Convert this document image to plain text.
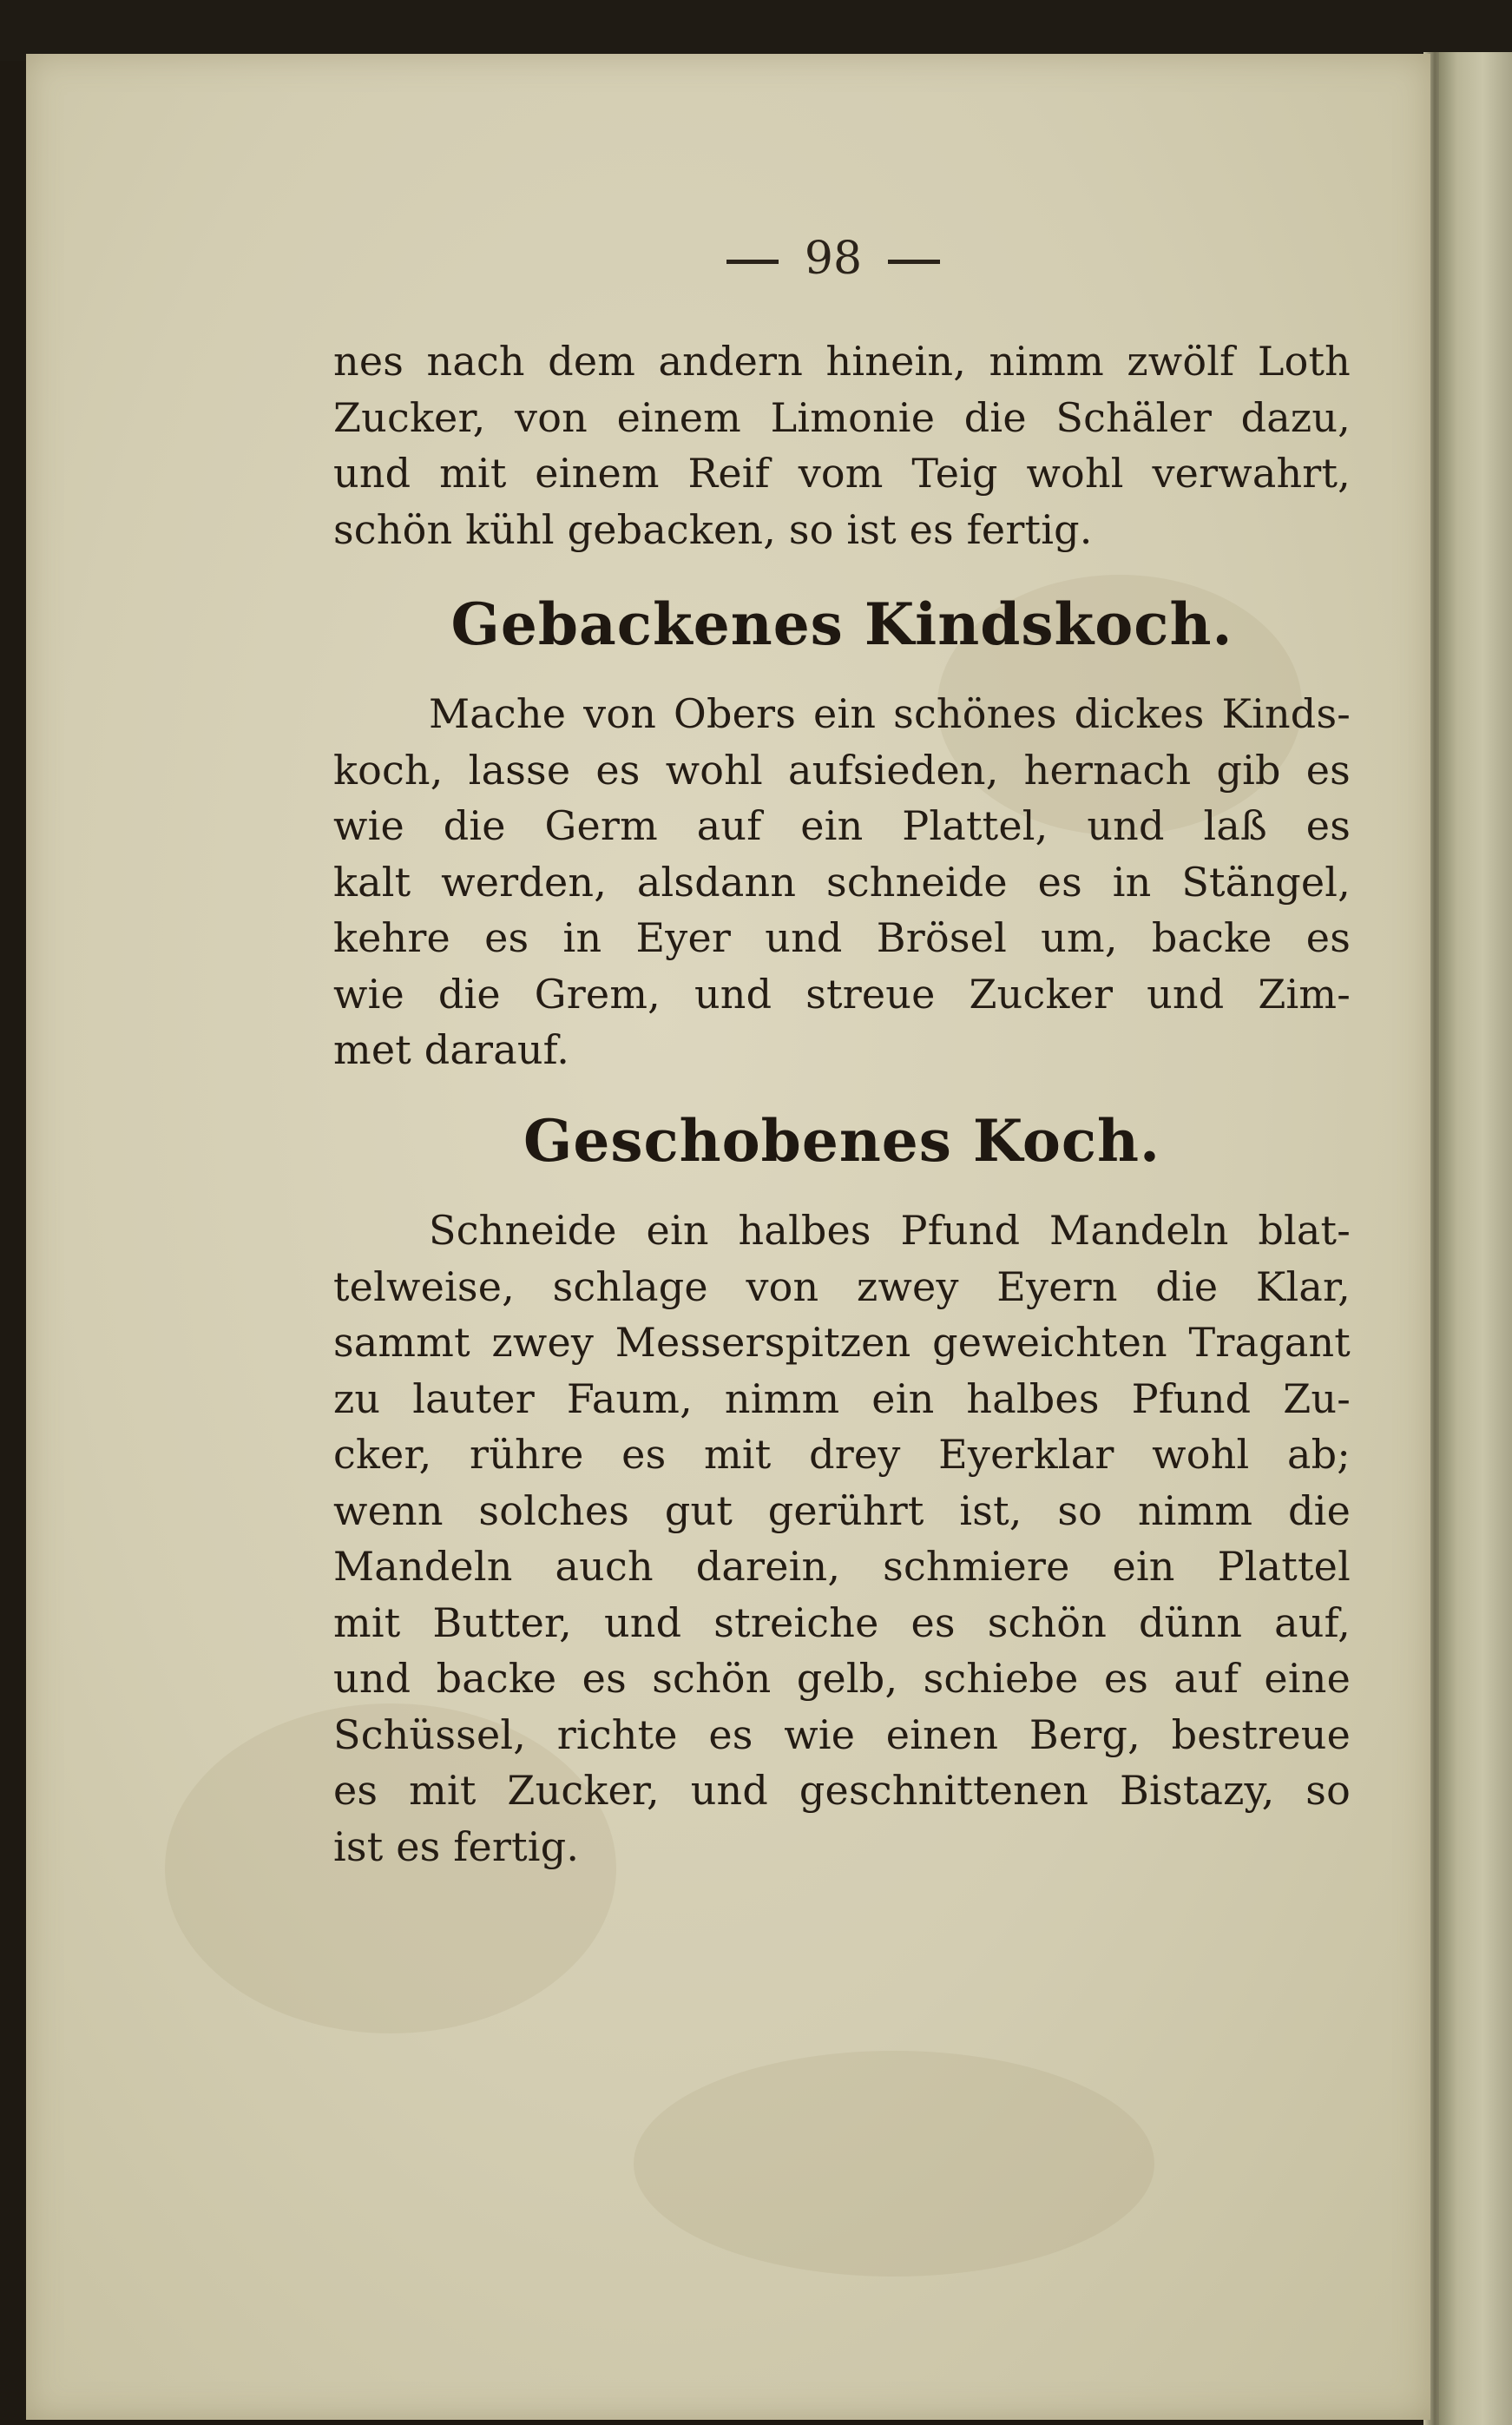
98
nes nach dem andern hinein, nimm zwölf Loth
Zucker, von einem Limonie die Schäler dazu,
und mit einem Reif vom Teig wohl verwahrt,
schön kühl gebacken, so ist es fertig.
Gebackenes Kindskoch.
Mache von Obers ein schönes dickes Kinds-
koch, lasse es wohl aufsieden, hernach gib es
wie die Germ auf ein Plattel, und laß es
kalt werden, alsdann schneide es in Stängel,
kehre es in Eyer und Brösel um, backe es
wie die Grem, und streue Zucker und Zim-
met darauf.
Geschobenes Koch.
Schneide ein halbes Pfund Mandeln blat-
telweise, schlage von zwey Eyern die Klar,
sammt zwey Messerspitzen geweichten Tragant
zu lauter Faum, nimm ein halbes Pfund Zu-
cker, rühre es mit drey Eyerklar wohl ab;
wenn solches gut gerührt ist, so nimm die
Mandeln auch darein, schmiere ein Plattel
mit Butter, und streiche es schön dünn auf,
und backe es schön gelb, schiebe es auf eine
Schüssel, richte es wie einen Berg, bestreue
es mit Zucker, und geschnittenen Bistazy, so
ist es fertig.
